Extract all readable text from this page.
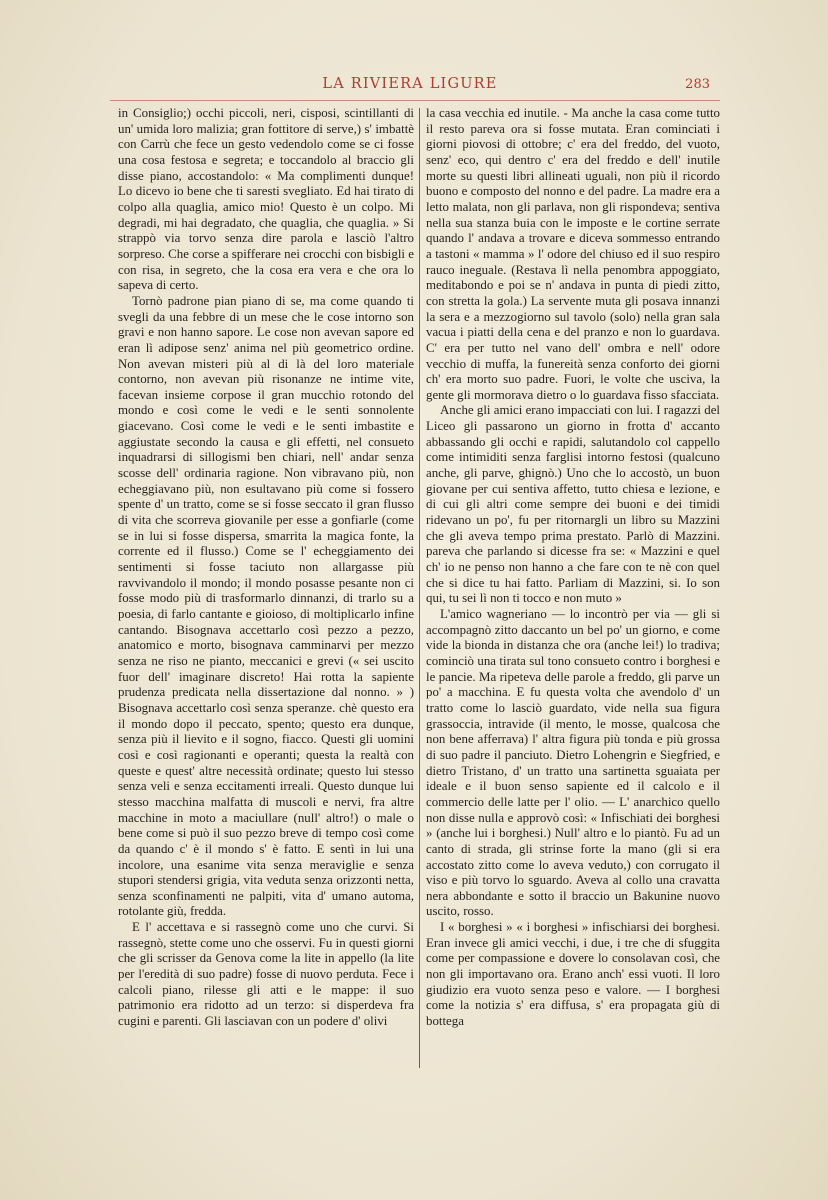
LA RIVIERA LIGURE	283

in Consiglio;) occhi piccoli, neri, cisposi, scintillanti di un' umida loro malizia; gran fottitore di serve,) s' imbattè con Carrù che fece un gesto vedendolo come se ci fosse una cosa festosa e segreta; e toccandolo al braccio gli disse piano, accostandolo: « Ma complimenti dunque! Lo dicevo io bene che ti saresti svegliato. Ed hai tirato di colpo alla quaglia, amico mio! Questo è un colpo. Mi degradi, mi hai degradato, che quaglia, che quaglia. » Si strappò via torvo senza dire parola e lasciò l'altro sorpreso. Che corse a spifferare nei crocchi con bisbigli e con risa, in segreto, che la cosa era vera e che ora lo sapeva di certo.

Tornò padrone pian piano di se, ma come quando ti svegli da una febbre di un mese che le cose intorno son gravi e non hanno sapore. Le cose non avevan sapore ed eran lì adipose senz' anima nel più geometrico ordine. Non avevan misteri più al di là del loro materiale contorno, non avevan più risonanze ne intime vite, facevan insieme corpose il gran mucchio rotondo del mondo e così come le vedi e le senti sonnolente giacevano. Così come le vedi e le senti imbastite e aggiustate secondo la causa e gli effetti, nel consueto inquadrarsi di sillogismi ben chiari, nell' andar senza scosse dell' ordinaria ragione. Non vibravano più, non echeggiavano più, non esultavano più come si fossero spente d' un tratto, come se si fosse seccato il gran flusso di vita che scorreva giovanile per esse a gonfiarle (come se in lui si fosse dispersa, smarrita la magica fonte, la corrente ed il flusso.) Come se l' echeggiamento dei sentimenti si fosse taciuto non allargasse più ravvivandolo il mondo; il mondo posasse pesante non ci fosse modo più di trasformarlo dinnanzi, di trarlo su a poesia, di farlo cantante e gioioso, di moltiplicarlo infine cantando. Bisognava accettarlo così pezzo a pezzo, anatomico e morto, bisognava camminarvi per mezzo senza ne riso ne pianto, meccanici e grevi (« sei uscito fuor dell' imaginare discreto! Hai rotta la sapiente prudenza predicata nella dissertazione dal nonno. » ) Bisognava accettarlo così senza speranze. chè questo era il mondo dopo il peccato, spento; questo era dunque, senza più il lievito e il sogno, fiacco. Questi gli uomini così e così ragionanti e operanti; questa la realtà con queste e quest' altre necessità ordinate; questo lui stesso senza veli e senza eccitamenti irreali. Questo dunque lui stesso macchina malfatta di muscoli e nervi, fra altre macchine in moto a maciullare (null' altro!) o male o bene come si può il suo pezzo breve di tempo così come da quando c' è il mondo s' è fatto. E sentì in lui una incolore, una esanime vita senza meraviglie e senza stupori stendersi grigia, vita veduta senza orizzonti netta, senza sconfinamenti ne palpiti, vita d' umano automa, rotolante giù, fredda.

E l' accettava e si rassegnò come uno che curvi. Si rassegnò, stette come uno che osservi. Fu in questi giorni che gli scrisser da Genova come la lite in appello (la lite per l'eredità di suo padre) fosse di nuovo perduta. Fece i calcoli piano, rilesse gli atti e le mappe: il suo patrimonio era ridotto ad un terzo: si disperdeva fra cugini e parenti. Gli lasciavan con un podere d' olivi

la casa vecchia ed inutile. - Ma anche la casa come tutto il resto pareva ora si fosse mutata. Eran cominciati i giorni piovosi di ottobre; c' era del freddo, del vuoto, senz' eco, qui dentro c' era del freddo e dell' inutile morte su questi libri allineati uguali, non più il ricordo buono e composto del nonno e del padre. La madre era a letto malata, non gli parlava, non gli rispondeva; sentiva nella sua stanza buia con le imposte e le cortine serrate quando l' andava a trovare e diceva sommesso entrando a tastoni « mamma » l' odore del chiuso ed il suo respiro rauco ineguale. (Restava lì nella penombra appoggiato, meditabondo e poi se n' andava in punta di piedi zitto, con stretta la gola.) La servente muta gli posava innanzi la sera e a mezzogiorno sul tavolo (solo) nella gran sala vacua i piatti della cena e del pranzo e non lo guardava. C' era per tutto nel vano dell' ombra e nell' odore vecchio di muffa, la funereità senza conforto dei giorni ch' era morto suo padre. Fuori, le volte che usciva, la gente gli mormorava dietro o lo guardava fisso sfacciata.

Anche gli amici erano impacciati con lui. I ragazzi del Liceo gli passarono un giorno in frotta d' accanto abbassando gli occhi e rapidi, salutandolo col cappello come intimiditi senza farglisi intorno festosi (qualcuno anche, gli parve, ghignò.) Uno che lo accostò, un buon giovane per cui sentiva affetto, tutto chiesa e lezione, e di cui gli altri come sempre dei buoni e dei timidi ridevano un po', fu per ritornargli un libro su Mazzini che gli aveva tempo prima prestato. Parlò di Mazzini. pareva che parlando si dicesse fra se: « Mazzini e quel ch' io ne penso non hanno a che fare con te nè con quel che si dice tu hai fatto. Parliam di Mazzini, si. Io son qui, tu sei lì non ti tocco e non muto »

L'amico wagneriano — lo incontrò per via — gli si accompagnò zitto daccanto un bel po' un giorno, e come vide la bionda in distanza che ora (anche lei!) lo tradiva; cominciò una tirata sul tono consueto contro i borghesi e le pancie. Ma ripeteva delle parole a freddo, gli parve un po' a macchina. E fu questa volta che avendolo d' un tratto come lo lasciò guardato, vide nella sua figura grassoccia, intravide (il mento, le mosse, qualcosa che non bene afferrava) l' altra figura più tonda e più grossa di suo padre il panciuto. Dietro Lohengrin e Siegfried, e dietro Tristano, d' un tratto una sartinetta sguaiata per ideale e il buon senso sapiente ed il calcolo e il commercio delle latte per l' olio. — L' anarchico quello non disse nulla e approvò così: « Infischiati dei borghesi » (anche lui i borghesi.) Null' altro e lo piantò. Fu ad un canto di strada, gli strinse forte la mano (gli si era accostato zitto come lo aveva veduto,) con corrugato il viso e più torvo lo sguardo. Aveva al collo una cravatta nera abbondante e sotto il braccio un Bakunine nuovo uscito, rosso.

I « borghesi » « i borghesi » infischiarsi dei borghesi. Eran invece gli amici vecchi, i due, i tre che di sfuggita come per compassione e dovere lo consolavan così, che non gli importavano ora. Erano anch' essi vuoti. Il loro giudizio era vuoto senza peso e valore. — I borghesi come la notizia s' era diffusa, s' era propagata giù di bottega
